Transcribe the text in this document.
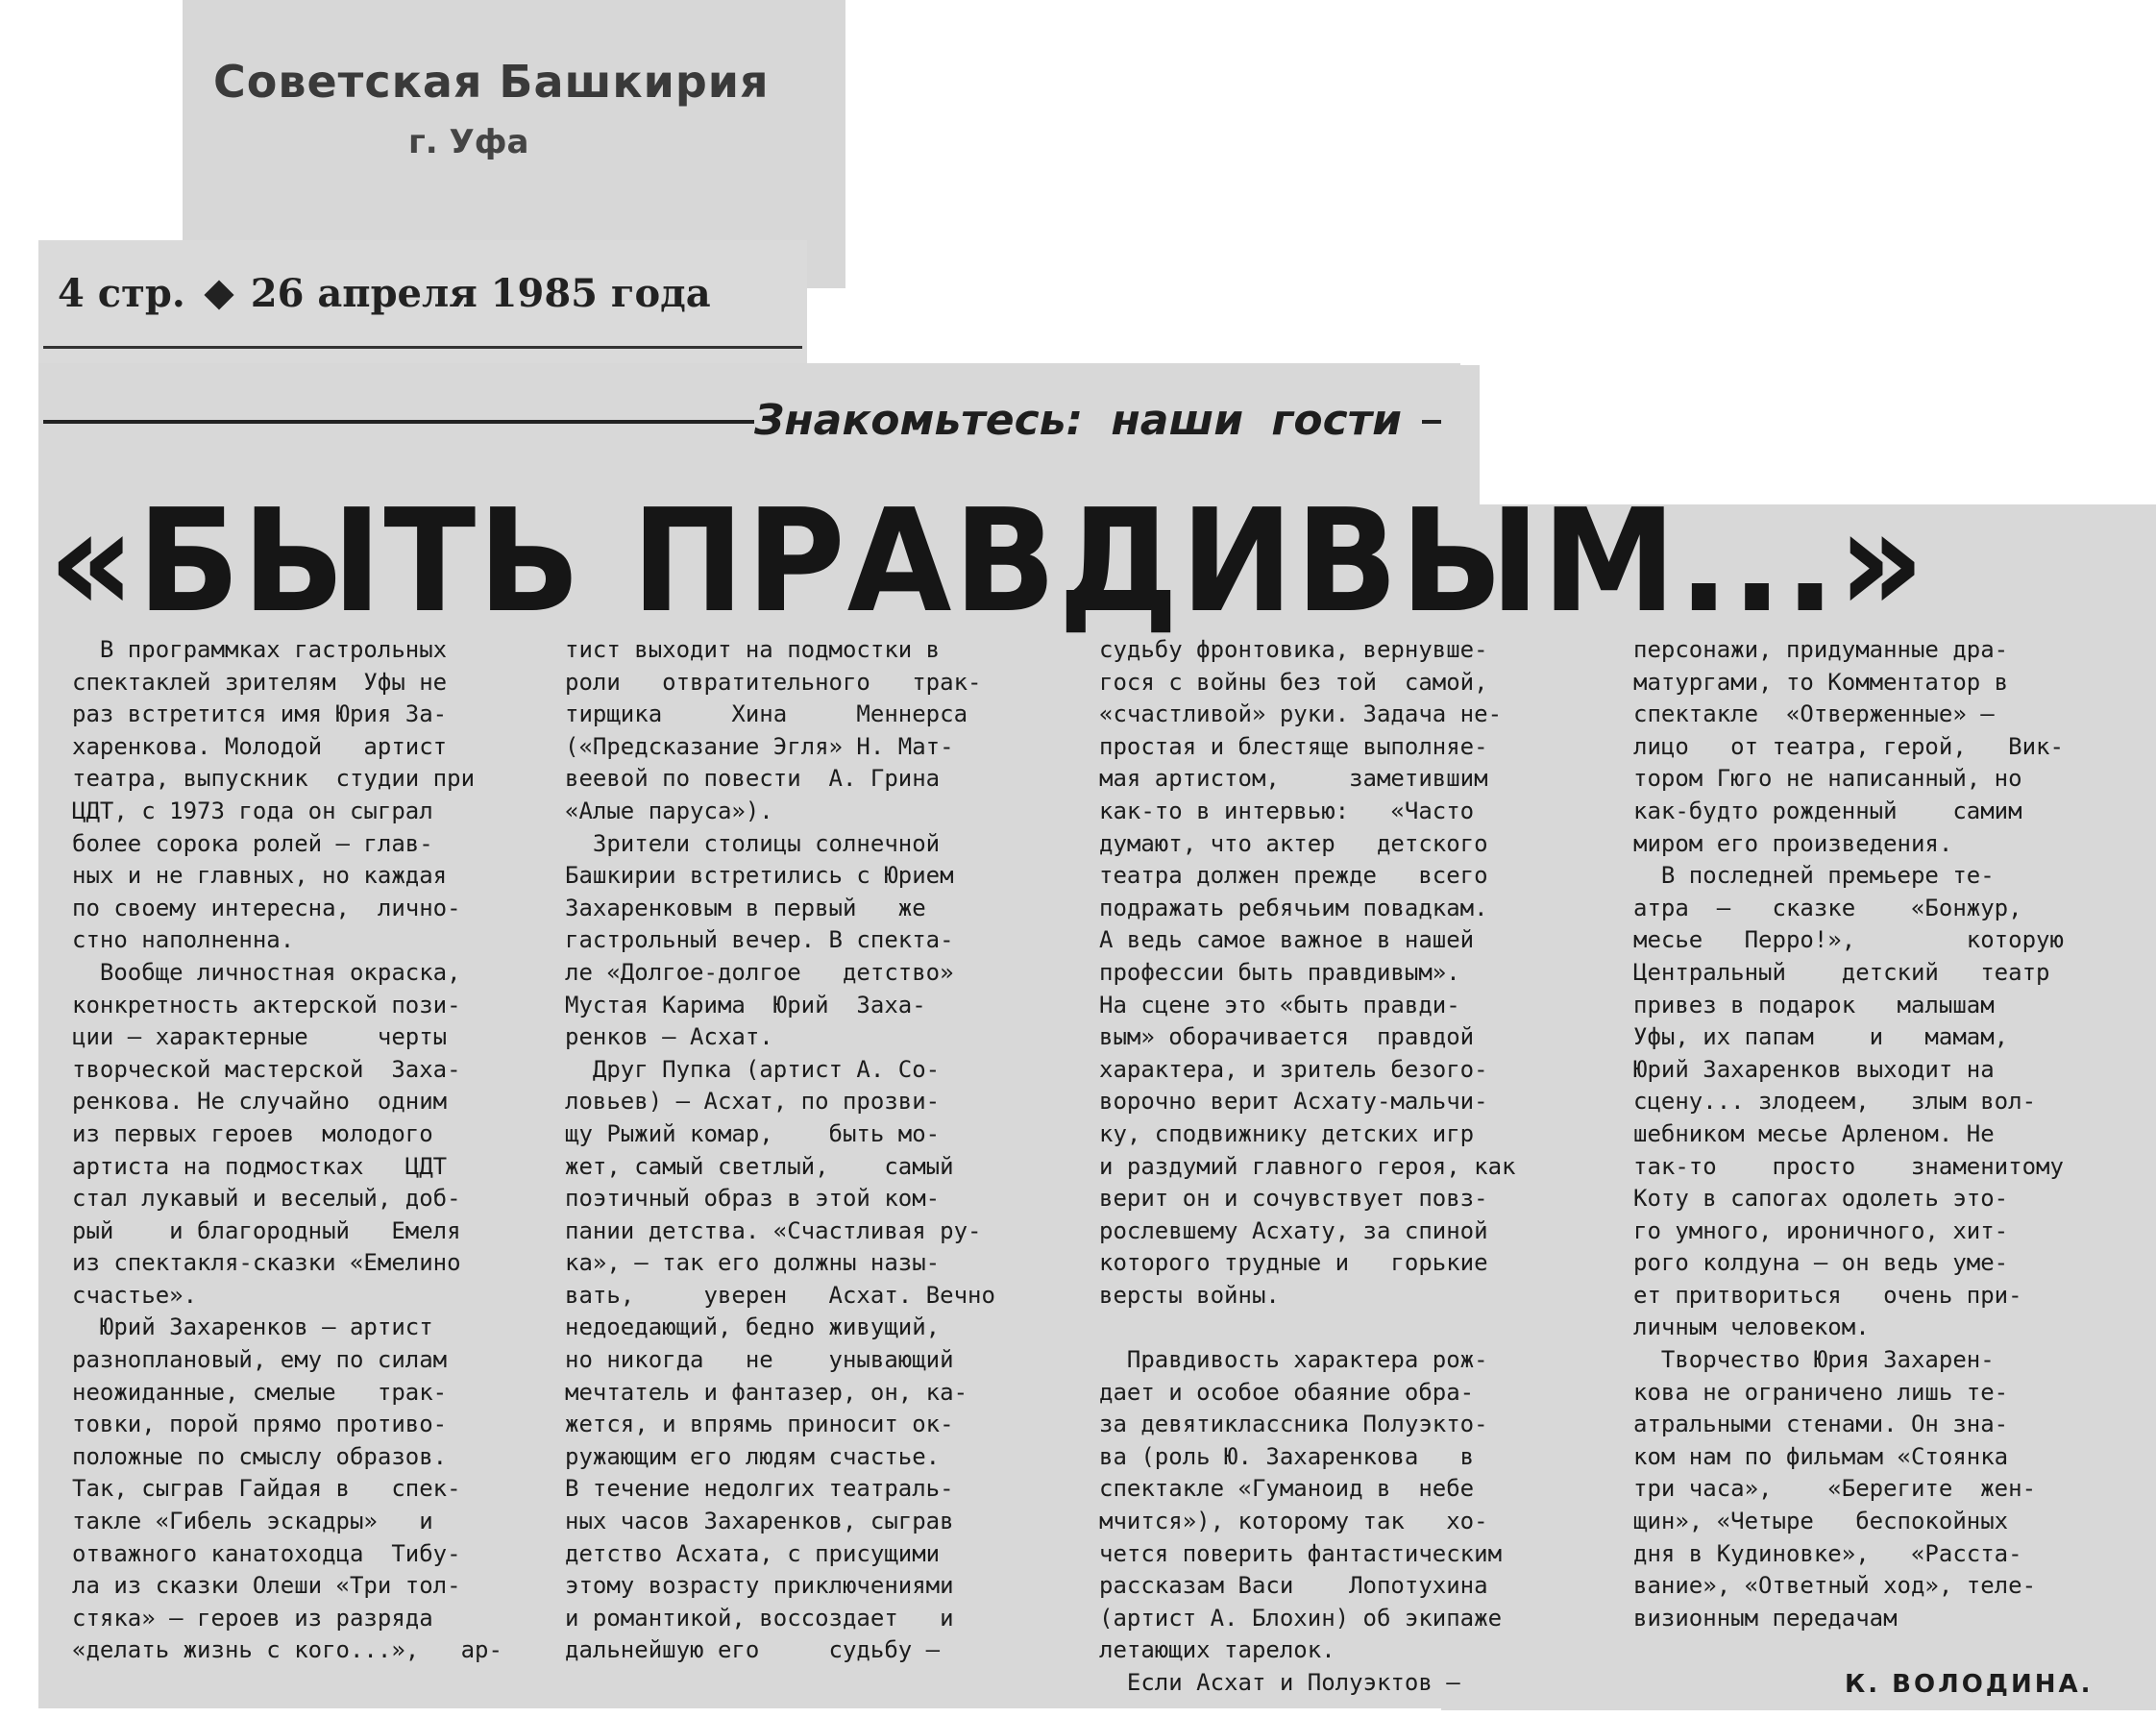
Советская Башкирия
г. Уфа
4 стр. 26 апреля 1985 года
Знакомьтесь: наши гости
«БЫТЬ ПРАВДИВЫМ...»

В программках гастрольных

спектаклей зрителям  Уфы не

раз встретится имя Юрия За-

харенкова. Молодой   артист

театра, выпускник  студии при

ЦДТ, с 1973 года он сыграл

более сорока ролей — глав-

ных и не главных, но каждая

по своему интересна,  лично-

стно наполненна.

Вообще личностная окраска,

конкретность актерской пози-

ции — характерные     черты

творческой мастерской  Заха-

ренкова. Не случайно  одним

из первых героев  молодого

артиста на подмостках   ЦДТ

стал лукавый и веселый, доб-

рый    и благородный   Емеля

из спектакля-сказки «Емелино

счастье».

Юрий Захаренков — артист

разноплановый, ему по силам

неожиданные, смелые   трак-

товки, порой прямо противо-

положные по смыслу образов.

Так, сыграв Гайдая в   спек-

такле «Гибель эскадры»   и

отважного канатоходца  Тибу-

ла из сказки Олеши «Три тол-

стяка» — героев из разряда

«делать жизнь с кого...»,   ар-

тист выходит на подмостки в

роли   отвратительного   трак-

тирщика     Хина     Меннерса

(«Предсказание Эгля» Н. Мат-

веевой по повести  А. Грина

«Алые паруса»).

Зрители столицы солнечной

Башкирии встретились с Юрием

Захаренковым в первый   же

гастрольный вечер. В спекта-

ле «Долгое-долгое   детство»

Мустая Карима  Юрий  Заха-

ренков — Асхат.

Друг Пупка (артист А. Со-

ловьев) — Асхат, по прозви-

щу Рыжий комар,    быть мо-

жет, самый светлый,    самый

поэтичный образ в этой ком-

пании детства. «Счастливая ру-

ка», — так его должны назы-

вать,     уверен   Асхат. Вечно

недоедающий, бедно живущий,

но никогда   не    унывающий

мечтатель и фантазер, он, ка-

жется, и впрямь приносит ок-

ружающим его людям счастье.

В течение недолгих театраль-

ных часов Захаренков, сыграв

детство Асхата, с присущими

этому возрасту приключениями

и романтикой, воссоздает   и

дальнейшую его     судьбу —

судьбу фронтовика, вернувше-

гося с войны без той  самой,

«счастливой» руки. Задача не-

простая и блестяще выполняе-

мая артистом,     заметившим

как-то в интервью:   «Часто

думают, что актер   детского

театра должен прежде   всего

подражать ребячьим повадкам.

А ведь самое важное в нашей

профессии быть правдивым».

На сцене это «быть правди-

вым» оборачивается  правдой

характера, и зритель безого-

ворочно верит Асхату-мальчи-

ку, сподвижнику детских игр

и раздумий главного героя, как

верит он и сочувствует повз-

рослевшему Асхату, за спиной

которого трудные и   горькие

версты войны.

Правдивость характера рож-

дает и особое обаяние обра-

за девятиклассника Полуэкто-

ва (роль Ю. Захаренкова   в

спектакле «Гуманоид в  небе

мчится»), которому так   хо-

чется поверить фантастическим

рассказам Васи    Лопотухина

(артист А. Блохин) об экипаже

летающих тарелок.

Если Асхат и Полуэктов —

персонажи, придуманные дра-

матургами, то Комментатор в

спектакле  «Отверженные» —

лицо   от театра, герой,   Вик-

тором Гюго не написанный, но

как-будто рожденный    самим

миром его произведения.

В последней премьере те-

атра  —   сказке    «Бонжур,

месье   Перро!»,        которую

Центральный    детский   театр

привез в подарок   малышам

Уфы, их папам    и   мамам,

Юрий Захаренков выходит на

сцену... злодеем,   злым вол-

шебником месье Арленом. Не

так-то    просто    знаменитому

Коту в сапогах одолеть это-

го умного, ироничного, хит-

рого колдуна — он ведь уме-

ет притвориться   очень при-

личным человеком.

Творчество Юрия Захарен-

кова не ограничено лишь те-

атральными стенами. Он зна-

ком нам по фильмам «Стоянка

три часа»,    «Берегите  жен-

щин», «Четыре   беспокойных

дня в Кудиновке»,   «Расста-

вание», «Ответный ход», теле-

визионным передачам

К. ВОЛОДИНА.
